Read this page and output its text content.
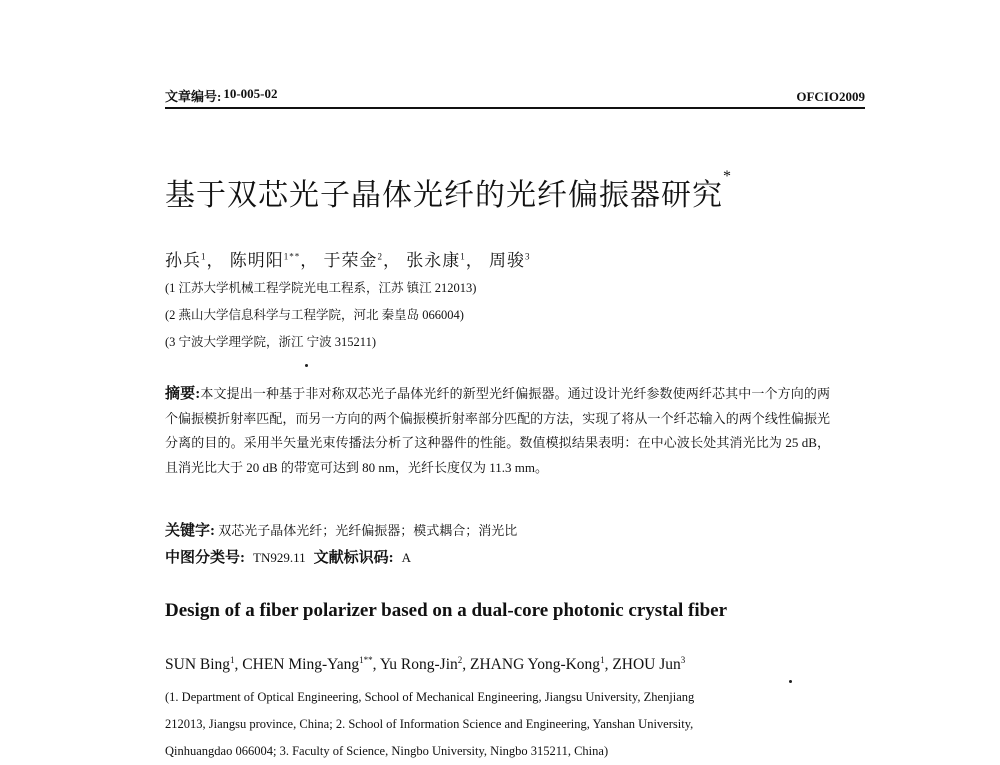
文章编号: 10-005-02	OFCIO2009
基于双芯光子晶体光纤的光纤偏振器研究*
孙兵$^1$， 陈明阳$^{1**}$， 于荣金$^2$， 张永康$^1$， 周骏$^3$
(1 江苏大学机械工程学院光电工程系，江苏 镇江 212013)
(2 燕山大学信息科学与工程学院，河北 秦皇岛 066004)
(3 宁波大学理学院，浙江 宁波 315211)
摘要:本文提出一种基于非对称双芯光子晶体光纤的新型光纤偏振器。通过设计光纤参数使两纤芯其中一个方向的两个偏振模折射率匹配，而另一方向的两个偏振模折射率部分匹配的方法，实现了将从一个纤芯输入的两个线性偏振光分离的目的。采用半矢量光束传播法分析了这种器件的性能。数值模拟结果表明：在中心波长处其消光比为 25 dB，且消光比大于 20 dB 的带宽可达到 80 nm，光纤长度仅为 11.3 mm。
关键字: 双芯光子晶体光纤；光纤偏振器；模式耦合；消光比
中图分类号: TN929.11 文献标识码: A
Design of a fiber polarizer based on a dual-core photonic crystal fiber
SUN Bing$^1$, CHEN Ming-Yang$^{1**}$, Yu Rong-Jin$^2$, ZHANG Yong-Kong$^1$, ZHOU Jun$^3$
(1. Department of Optical Engineering, School of Mechanical Engineering, Jiangsu University, Zhenjiang
212013, Jiangsu province, China; 2. School of Information Science and Engineering, Yanshan University,
Qinhuangdao 066004; 3. Faculty of Science, Ningbo University, Ningbo 315211, China)
